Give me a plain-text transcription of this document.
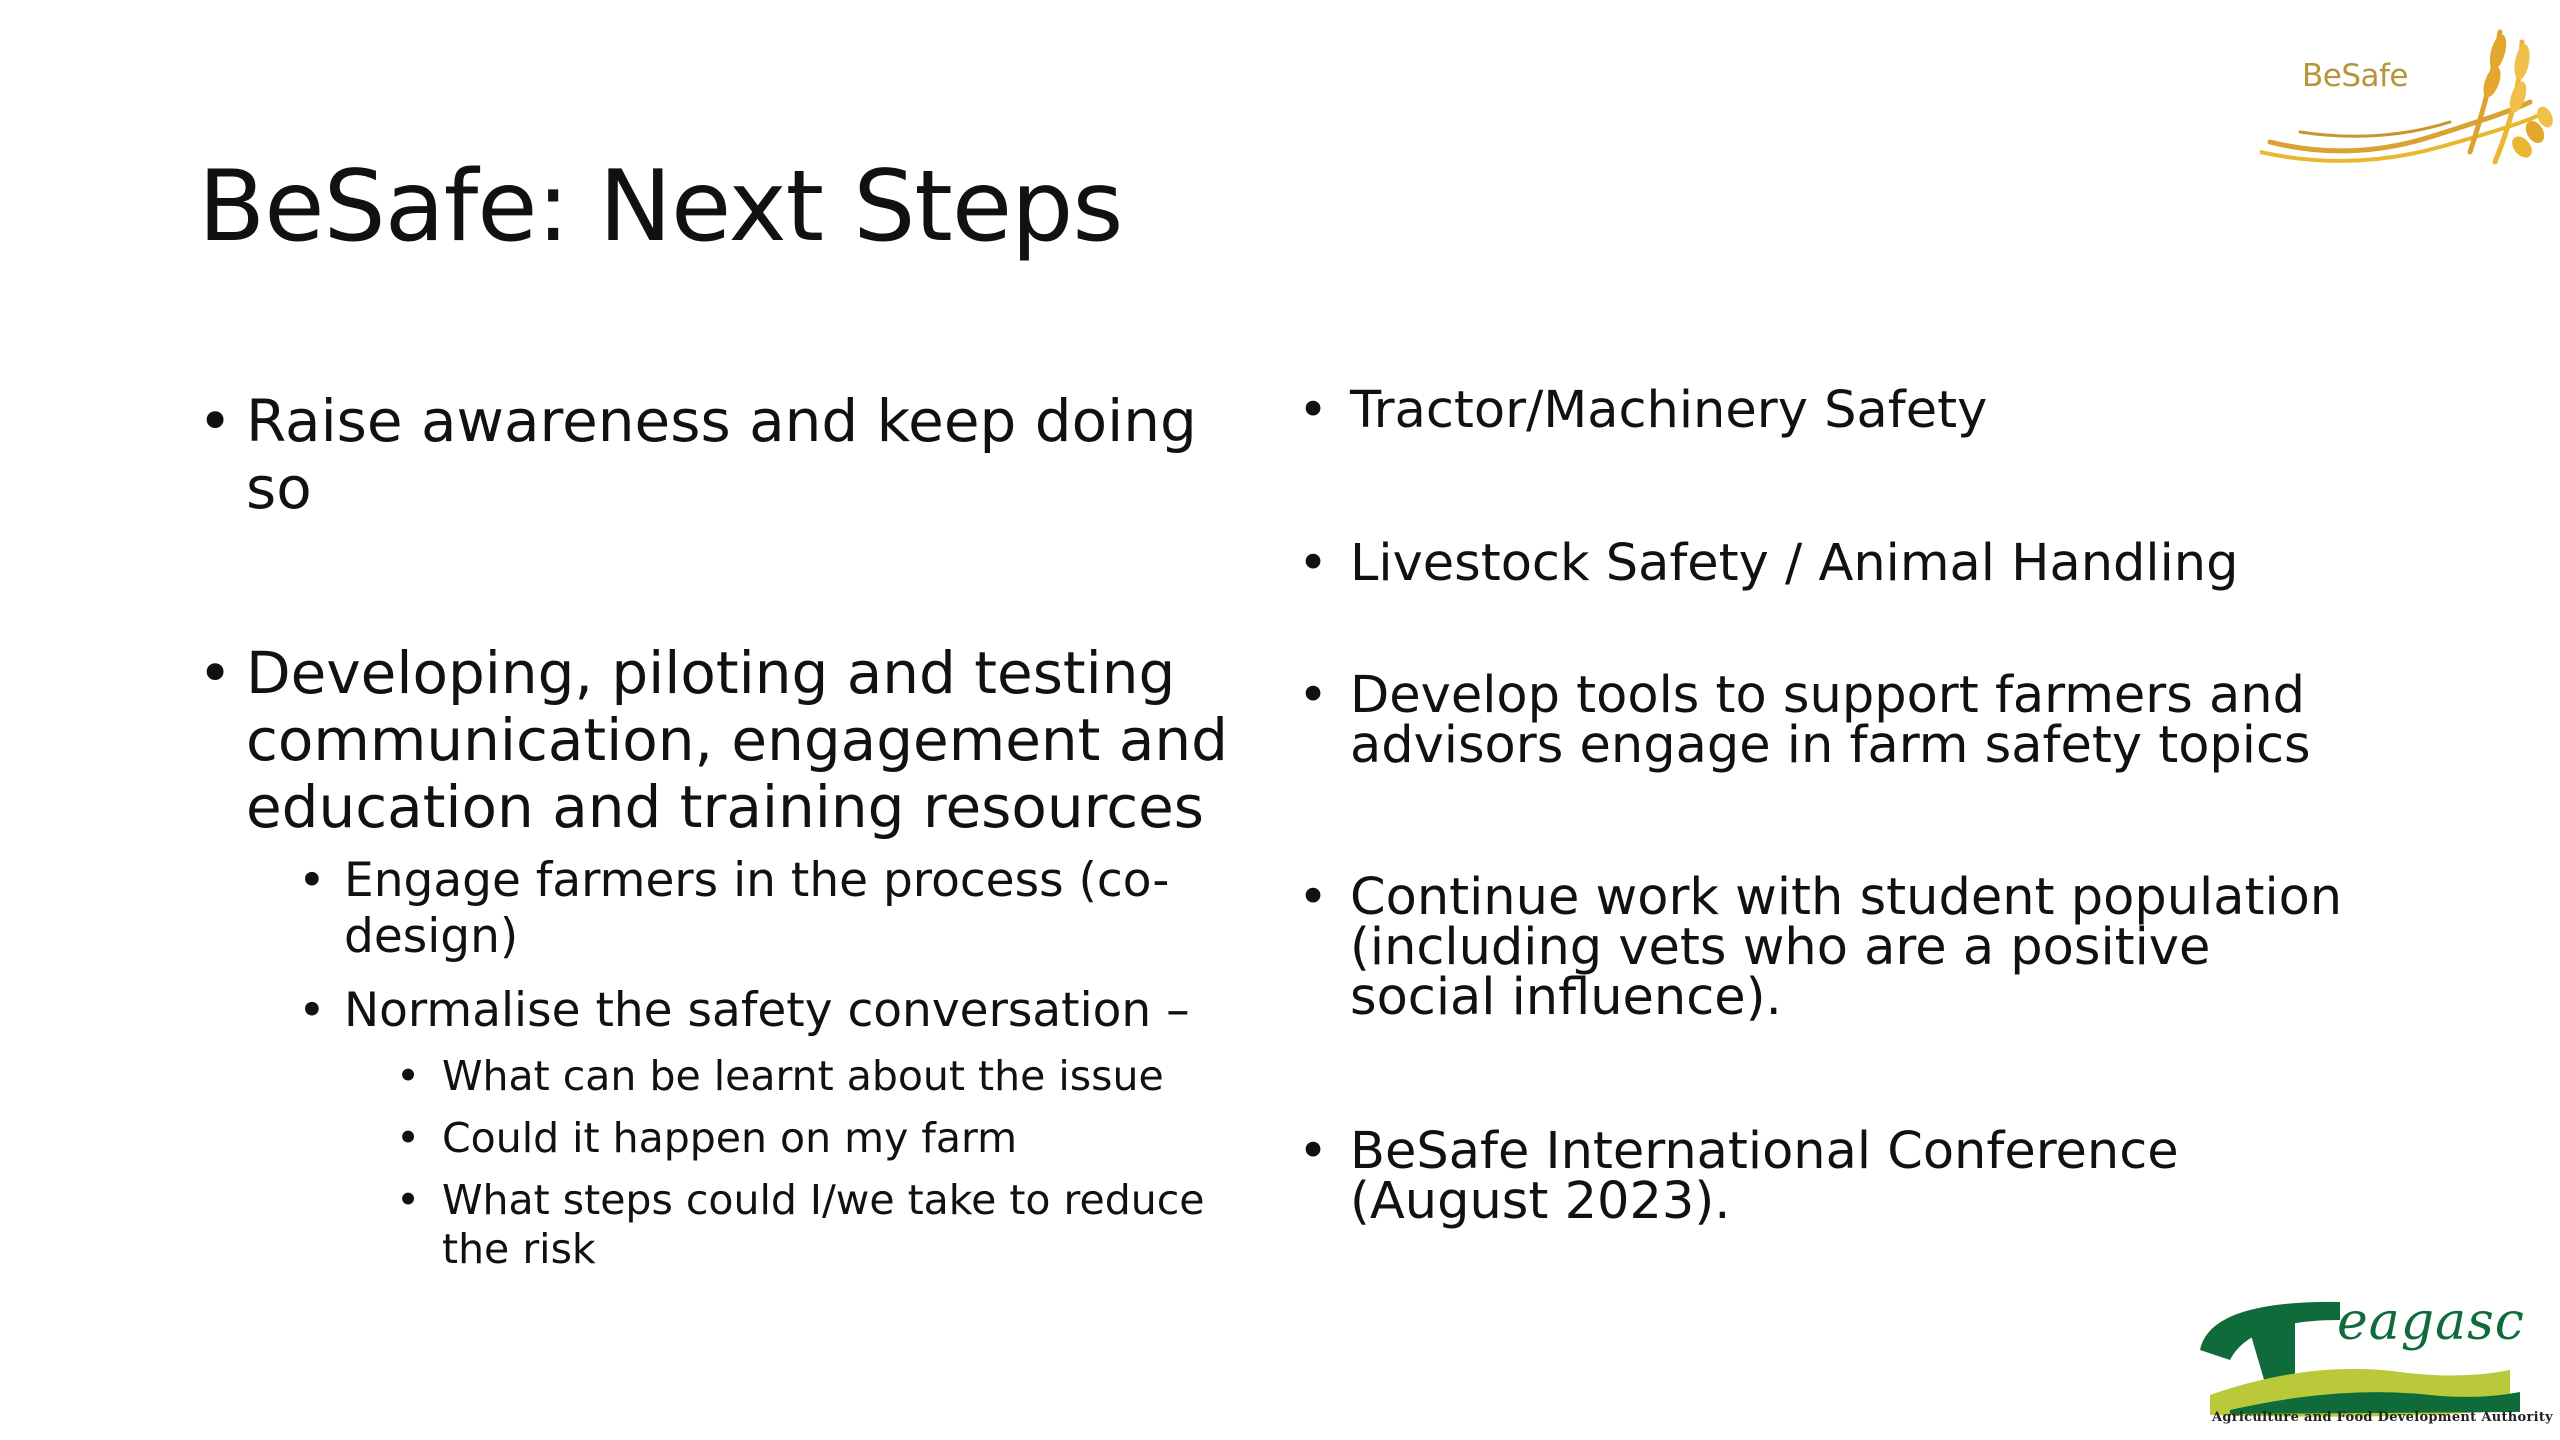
BeSafe
BeSafe: Next Steps
• Raise awareness and keep doing so
• Developing, piloting and testing communication, engagement and education and training resources
• Engage farmers in the process (co-design)
• Normalise the safety conversation –
• What can be learnt about the issue
• Could it happen on my farm
• What steps could I/we take to reduce the risk
• Tractor/Machinery Safety
• Livestock Safety / Animal Handling
• Develop tools to support farmers and advisors engage in farm safety topics
• Continue work with student population (including vets who are a positive social influence).
• BeSafe International Conference (August 2023).
eagasc
Agriculture and Food Development Authority
